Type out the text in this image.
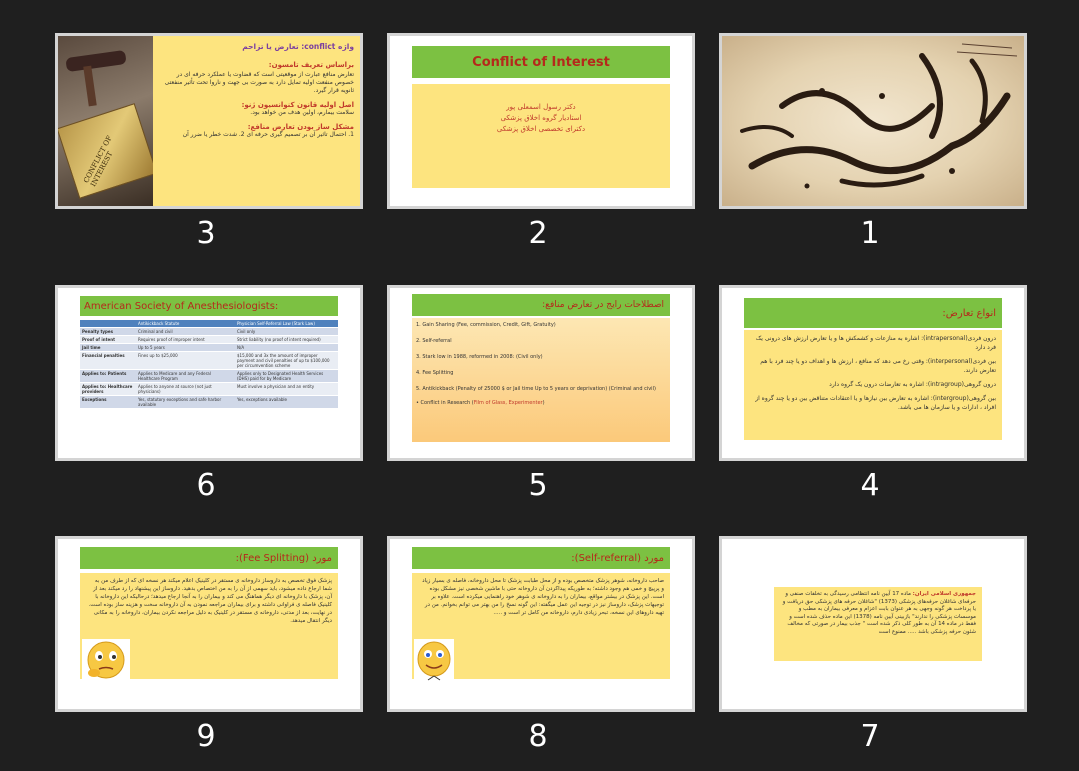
CONFLICT OF INTEREST
واژه conflict: تعارض یا تزاحم
براساس تعریف تامسون:
تعارض منافع عبارت از موقعیتی است که قضاوت یا عملکرد حرفه ای در خصوص منفعت اولیه تمایل دارد به صورت بی جهت و ناروا تحت تأثیر منفعتی ثانویه قرار گیرد.
اصل اولیه قانون کنوانسیون ژنو:
سلامت بیمارم، اولین هدف من خواهد بود.
مشکل ساز بودن تعارض منافع:
1. احتمال تاثیر آن بر تصمیم گیری حرفه ای 2. شدت خطر یا ضرر آن
3
Conflict of Interest
دکتر رسول اسمعلی پور
استادیار گروه اخلاق پزشکی
دکترای تخصصی اخلاق پزشکی
2	1
American Society of Anesthesiologists:
	Antikickback Statute	Physician Self-Referral Law (Stark Law)
Penalty types	Criminal and civil	Civil only
Proof of intent	Requires proof of improper intent	Strict liability (no proof of intent required)
Jail time	Up to 5 years	N/A
Financial penalties	Fines up to $25,000	$15,000 and 3x the amount of improper payment and civil penalties of up to $100,000 per circumvention scheme
Applies to: Patients	Applies to Medicare and any Federal Healthcare Program	Applies only to Designated Health Services (DHS) paid for by Medicare
Applies to: Healthcare providers	Applies to anyone at source (not just physicians)	Must involve a physician and an entity
Exceptions	Yes, statutory exceptions and safe harbor available	Yes, exceptions available
6
اصطلاحات رایج در تعارض منافع:
1. Gain Sharing (Fee, commission, Credit, Gift, Gratuity)
2. Self-referral
3. Stark low in 1988, reformed in 2008: (Civil only)
4. Fee Splitting
5. Antikickback (Penalty of 25000 $ or Jail time Up to 5 years or deprivation) (Criminal and civil)
• Conflict in Research (Film of Glass, Experimenter)
5
انواع تعارض:
درون فردی(intrapersonal): اشاره به منازعات و کشمکش ها و یا تعارض ارزش های درونی یک فرد دارد
بین فردی(interpersonal): وقتی رخ می دهد که منافع ، ارزش ها و اهداف دو یا چند فرد با هم تعارض دارند.
درون گروهی(intragroup): اشاره به تعارضات درون یک گروه دارد
بین گروهی(intergroup): اشاره به تعارض بین نیازها و یا اعتقادات متناقض بین دو یا چند گروه از افراد ، ادارات و یا سازمان ها می باشد.
4
مورد (Fee Splitting):
پزشک فوق تخصص به داروساز داروخانه ی مستقر در کلینیک اعلام میکند هر نسخه ای که از طرف من به شما ارجاع داده میشود، باید سهمی از آن را به من اختصاص بدهید. داروساز این پیشنهاد را رد میکند بعد از آن، پزشک با داروخانه ای دیگر هماهنگ می کند و بیماران را به آنجا ارجاع میدهد؛ درحالیکه این داروخانه با کلینیک فاصله ی فراوانی داشته و برای بیماران مراجعه نمودن به آن داروخانه سخت و هزینه ساز بوده است. در نهایت، بعد از مدتی، داروخانه ی مستقر در کلینیک به دلیل مراجعه نکردن بیماران، داروخانه را به مکانی دیگر انتقال میدهد.
9
مورد (Self-referral):
صاحب داروخانه، شوهر پزشک متخصص بوده و از محل طبابت پزشک تا محل داروخانه، فاصله ی بسیار زیاد و پرپیچ و خمی هم وجود داشته؛ به طوریکه پیداکردن آن داروخانه حتی با ماشین شخصی نیز مشکل بوده است. این پزشک در بیشتر مواقع، بیماران را به داروخانه ی شوهر خود راهنمایی میکرده است. علاوه بر توجیهات پزشک، داروساز نیز در توجیه این عمل میگفته: این گونه نسخ را من بهتر می توانم بخوانم. من در تهیه داروهای این نسخه، تبحر زیادی دارم، داروخانه من کامل تر است و .....
8
جمهوری اسلامی ایران: ماده 17 آیین نامه انتظامی رسیدگی به تخلفات صنفی و حرفه‌ای شاغلان حرفه‌های پزشکی (1373) "شاغلان حرفه های پزشکی حق دریافت و یا پرداخت هر گونه وجهی به هر عنوان بابت اعزام و معرفی بیماران به مطب و موسسات پزشکی را ندارند" بازبینی آیین نامه (1378) این ماده حذف شده است و فقط در ماده 14 آن به طور کلی ذکر شده است " جذب بیمار در صورتی که مخالف شئون حرفه پزشکی باشد ..... ممنوع است
7
